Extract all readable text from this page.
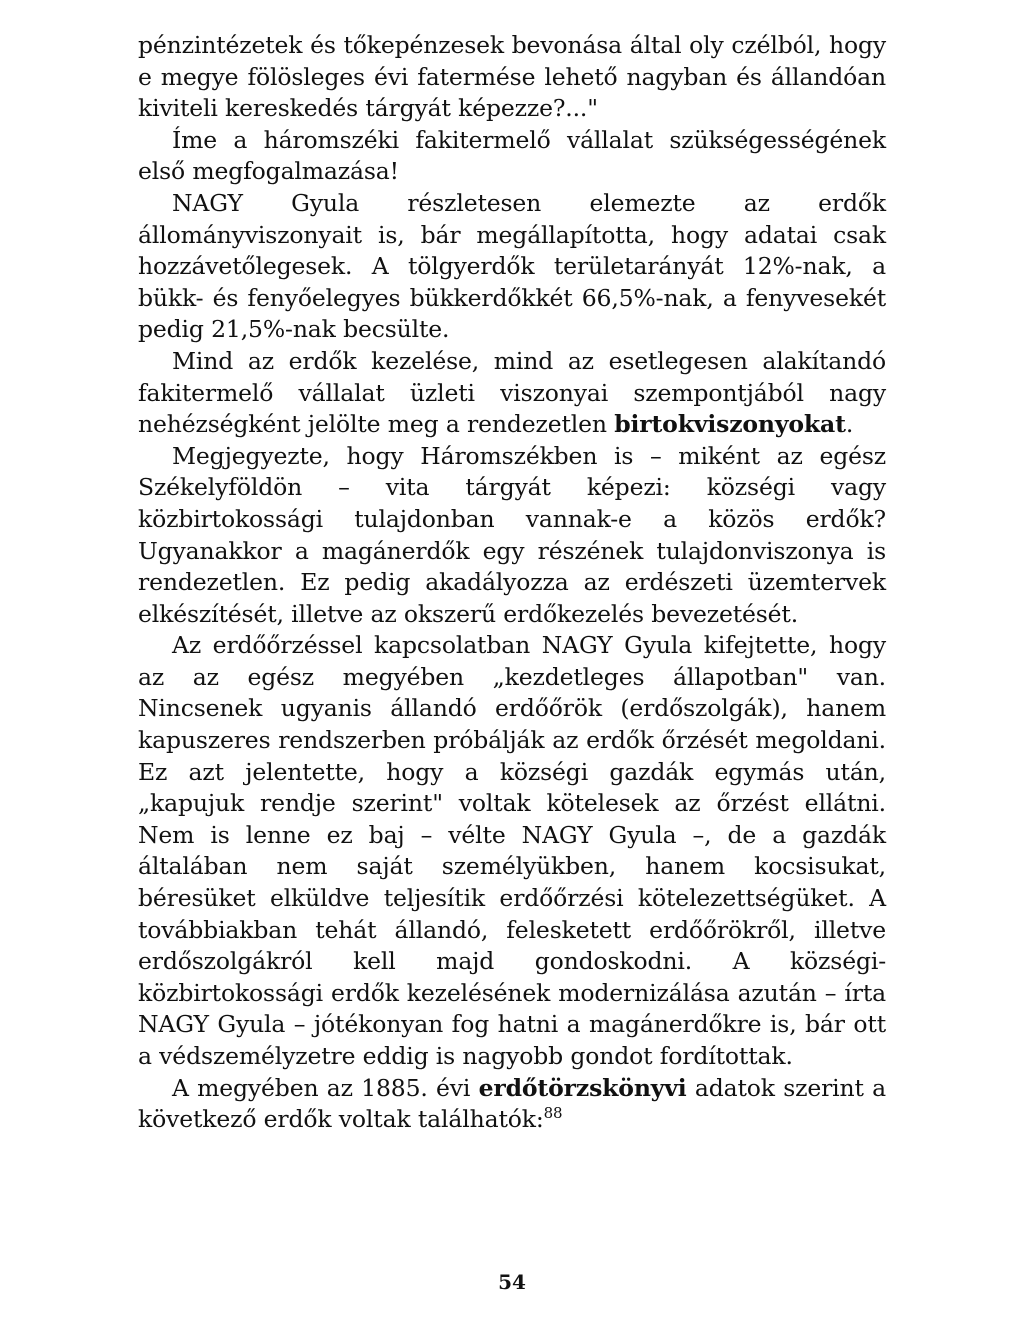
pénzintézetek és tőkepénzesek bevonása által oly czélból, hogy e megye fölösleges évi fatermése lehető nagyban és állandóan kiviteli kereskedés tárgyát képezze?..."

Íme a háromszéki fakitermelő vállalat szükségességének első megfogalmazása!

NAGY Gyula részletesen elemezte az erdők állományviszonyait is, bár megállapította, hogy adatai csak hozzávetőlegesek. A tölgyerdők területarányát 12%-nak, a bükk- és fenyőelegyes bükkerdőkkét 66,5%-nak, a fenyvesekét pedig 21,5%-nak becsülte.

Mind az erdők kezelése, mind az esetlegesen alakítandó fakitermelő vállalat üzleti viszonyai szempontjából nagy nehézségként jelölte meg a rendezetlen birtokviszonyokat.

Megjegyezte, hogy Háromszékben is – miként az egész Székelyföldön – vita tárgyát képezi: községi vagy közbirtokossági tulajdonban vannak-e a közös erdők? Ugyanakkor a magánerdők egy részének tulajdonviszonya is rendezetlen. Ez pedig akadályozza az erdészeti üzemtervek elkészítését, illetve az okszerű erdőkezelés bevezetését.

Az erdőőrzéssel kapcsolatban NAGY Gyula kifejtette, hogy az az egész megyében „kezdetleges állapotban" van. Nincsenek ugyanis állandó erdőőrök (erdőszolgák), hanem kapuszeres rendszerben próbálják az erdők őrzését megoldani. Ez azt jelentette, hogy a községi gazdák egymás után, „kapujuk rendje szerint" voltak kötelesek az őrzést ellátni. Nem is lenne ez baj – vélte NAGY Gyula –, de a gazdák általában nem saját személyükben, hanem kocsisukat, béresüket elküldve teljesítik erdőőrzési kötelezettségüket. A továbbiakban tehát állandó, felesketett erdőőrökről, illetve erdőszolgákról kell majd gondoskodni. A községi-közbirtokossági erdők kezelésének modernizálása azután – írta NAGY Gyula – jótékonyan fog hatni a magánerdőkre is, bár ott a védszemélyzetre eddig is nagyobb gondot fordítottak.

A megyében az 1885. évi erdőtörzskönyvi adatok szerint a következő erdők voltak találhatók:$^{88}$

54
